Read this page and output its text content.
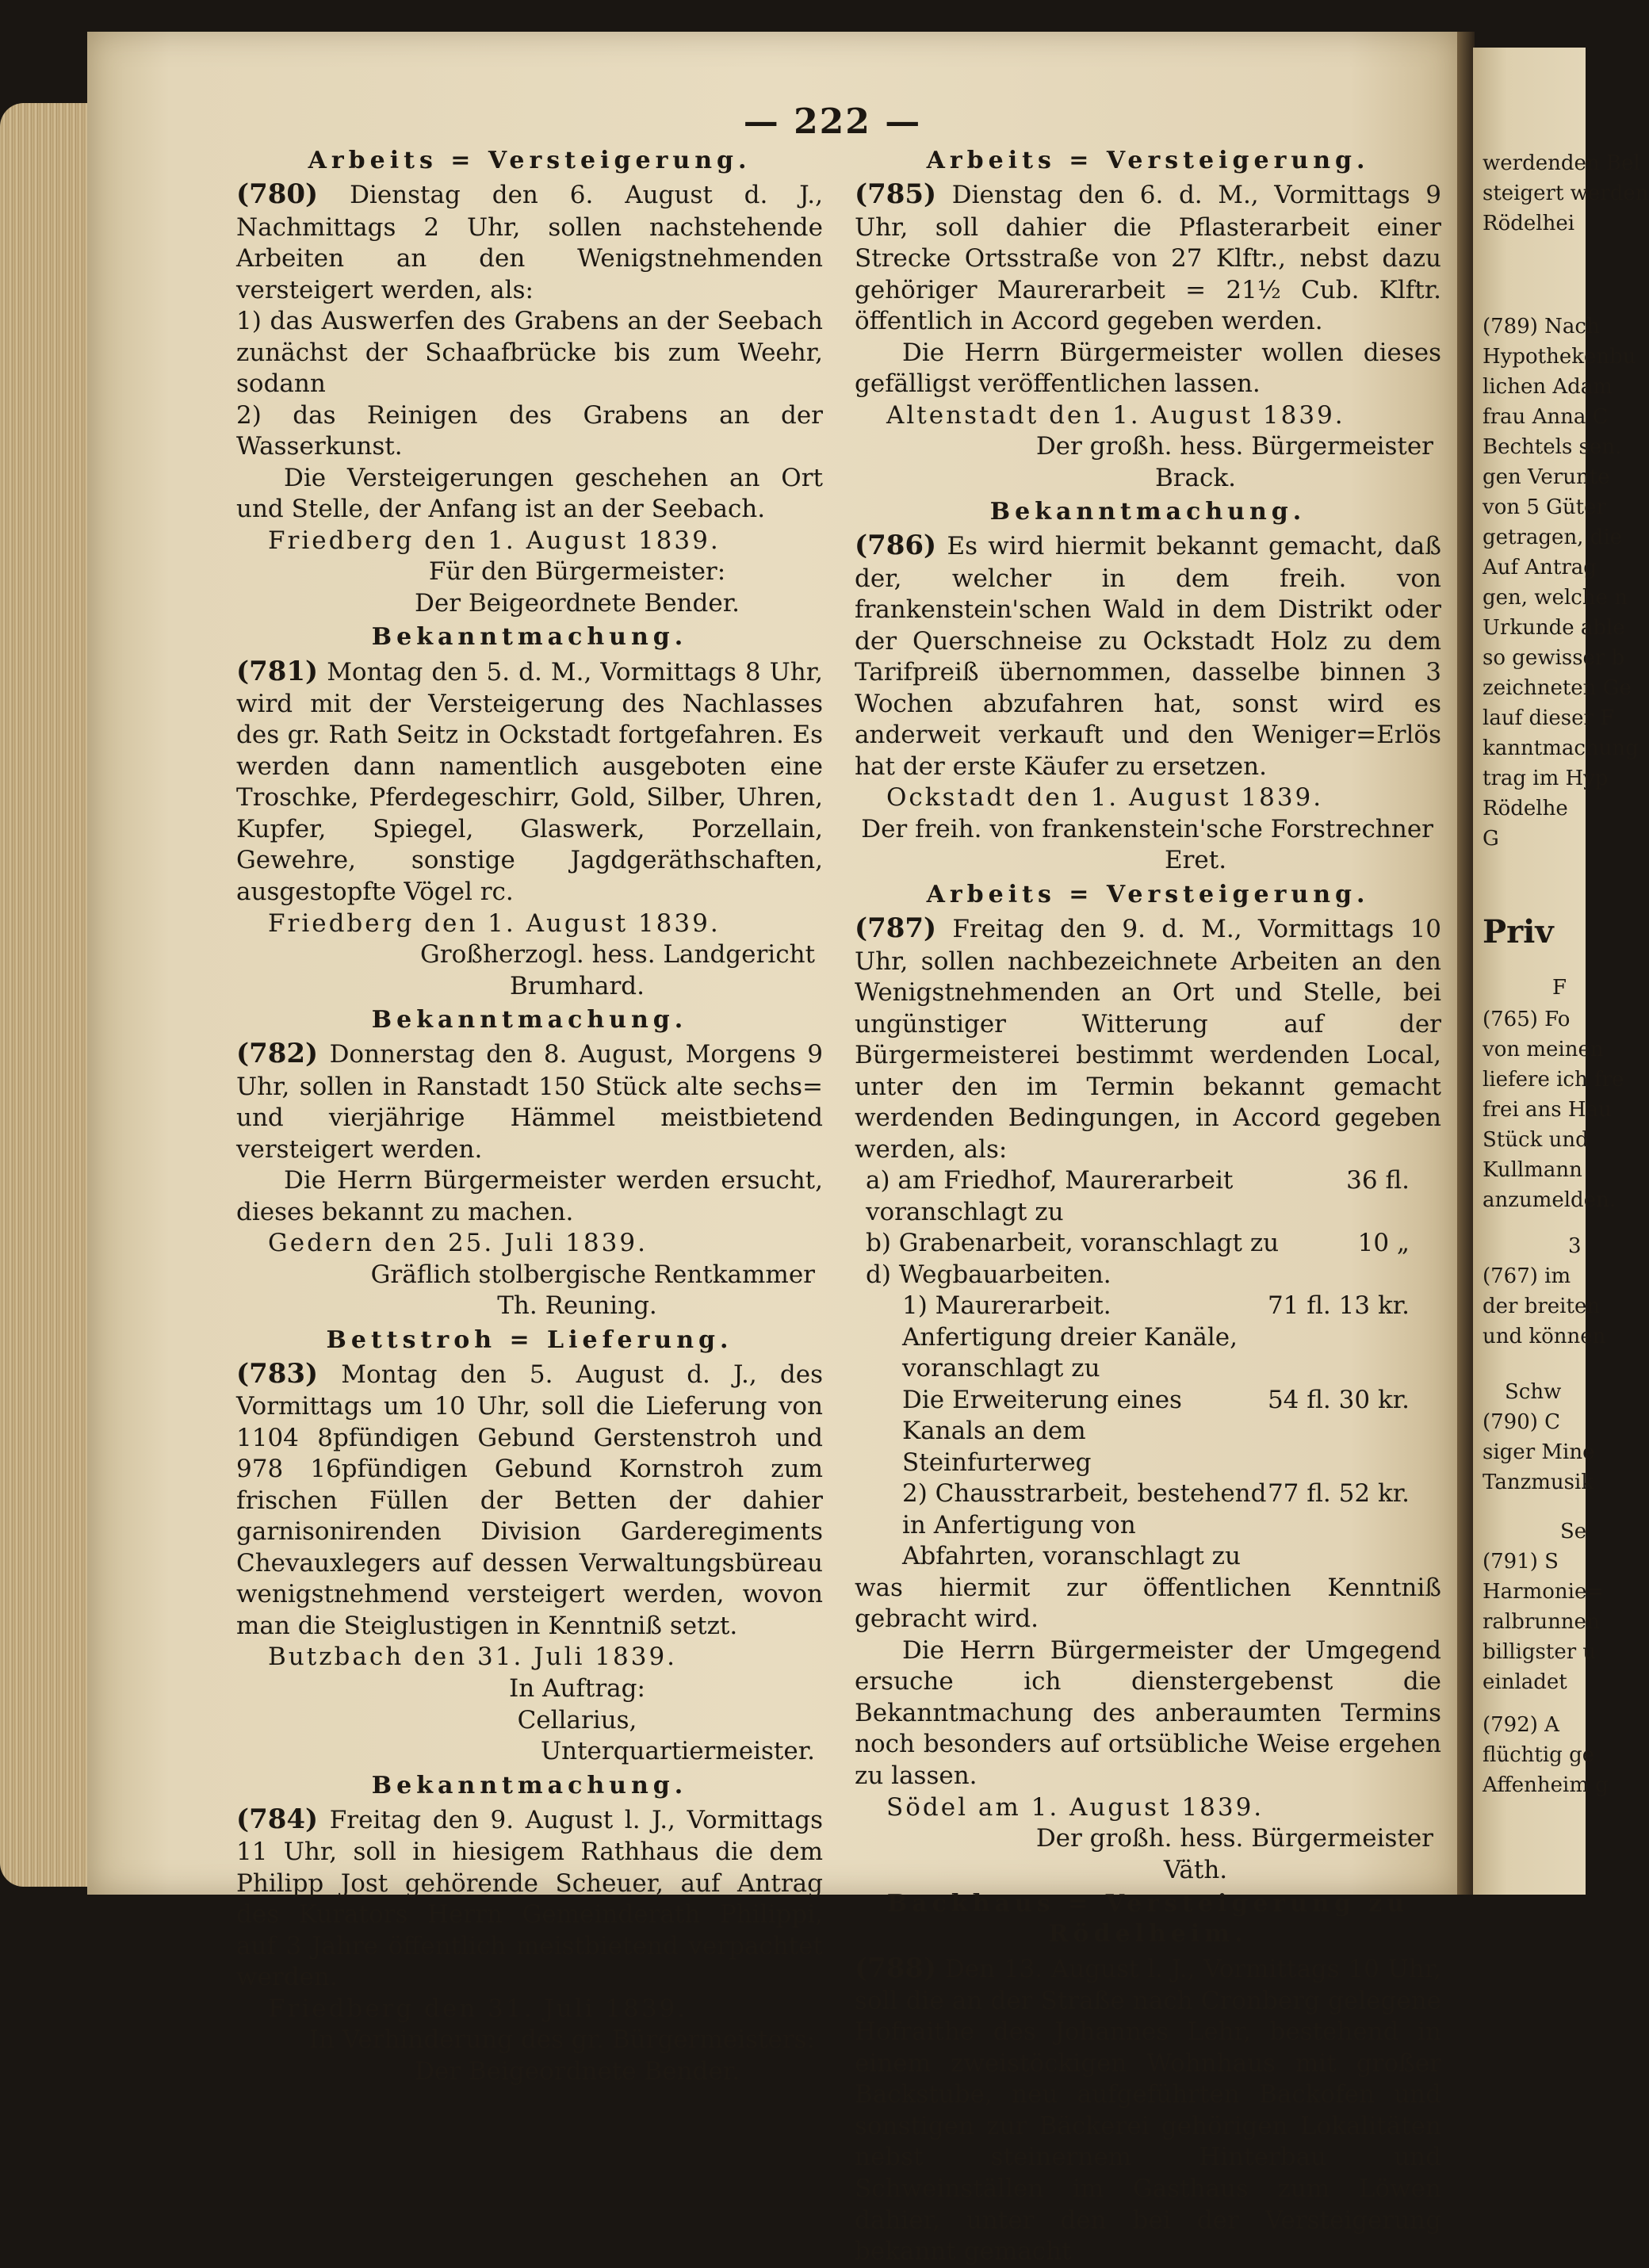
— 222 —
Arbeits = Versteigerung.

(780) Dienstag den 6. August d. J., Nachmittags 2 Uhr, sollen nachstehende Arbeiten an den Wenigstnehmenden versteigert werden, als:

1) das Auswerfen des Grabens an der Seebach zunächst der Schaafbrücke bis zum Weehr, sodann

2) das Reinigen des Grabens an der Wasserkunst.

Die Versteigerungen geschehen an Ort und Stelle, der Anfang ist an der Seebach.

Friedberg den 1. August 1839.

Für den Bürgermeister:

Der Beigeordnete Bender.

Bekanntmachung.

(781) Montag den 5. d. M., Vormittags 8 Uhr, wird mit der Versteigerung des Nachlasses des gr. Rath Seitz in Ockstadt fortgefahren. Es werden dann namentlich ausgeboten eine Troschke, Pferdegeschirr, Gold, Silber, Uhren, Kupfer, Spiegel, Glaswerk, Porzellain, Gewehre, sonstige Jagdgeräthschaften, ausgestopfte Vögel rc.

Friedberg den 1. August 1839.

Großherzogl. hess. Landgericht

Brumhard.

Bekanntmachung.

(782) Donnerstag den 8. August, Morgens 9 Uhr, sollen in Ranstadt 150 Stück alte sechs= und vierjährige Hämmel meistbietend versteigert werden.

Die Herrn Bürgermeister werden ersucht, dieses bekannt zu machen.

Gedern den 25. Juli 1839.

Gräflich stolbergische Rentkammer

Th. Reuning.

Bettstroh = Lieferung.

(783) Montag den 5. August d. J., des Vormittags um 10 Uhr, soll die Lieferung von 1104 8pfündigen Gebund Gerstenstroh und 978 16pfündigen Gebund Kornstroh zum frischen Füllen der Betten der dahier garnisonirenden Division Garderegiments Chevauxlegers auf dessen Verwaltungsbüreau wenigstnehmend versteigert werden, wovon man die Steiglustigen in Kenntniß setzt.

Butzbach den 31. Juli 1839.

In Auftrag:

Cellarius,

Unterquartiermeister.

Bekanntmachung.

(784) Freitag den 9. August l. J., Vormittags 11 Uhr, soll in hiesigem Rathhaus die dem Philipp Jost gehörende Scheuer, auf Antrag des Kurators Herrn Gemeinderath Philippi, auf 3 Jahre öffentlich meistbietend verpachtet werden.

Friedberg den 31. Juli 1839.

In Verhinderung des gr. Bürgermeisters:

Der Beigeordnete Bender.

Arbeits = Versteigerung.

(785) Dienstag den 6. d. M., Vormittags 9 Uhr, soll dahier die Pflasterarbeit einer Strecke Ortsstraße von 27 Klftr., nebst dazu gehöriger Maurerarbeit = 21½ Cub. Klftr. öffentlich in Accord gegeben werden.

Die Herrn Bürgermeister wollen dieses gefälligst veröffentlichen lassen.

Altenstadt den 1. August 1839.

Der großh. hess. Bürgermeister

Brack.

Bekanntmachung.

(786) Es wird hiermit bekannt gemacht, daß der, welcher in dem freih. von frankenstein'schen Wald in dem Distrikt oder der Querschneise zu Ockstadt Holz zu dem Tarifpreiß übernommen, dasselbe binnen 3 Wochen abzufahren hat, sonst wird es anderweit verkauft und den Weniger=Erlös hat der erste Käufer zu ersetzen.

Ockstadt den 1. August 1839.

Der freih. von frankenstein'sche Forstrechner

Eret.

Arbeits = Versteigerung.

(787) Freitag den 9. d. M., Vormittags 10 Uhr, sollen nachbezeichnete Arbeiten an den Wenigstnehmenden an Ort und Stelle, bei ungünstiger Witterung auf der Bürgermeisterei bestimmt werdenden Local, unter den im Termin bekannt gemacht werdenden Bedingungen, in Accord gegeben werden, als:

a) am Friedhof, Maurerarbeit voranschlagt zu
36 fl.
b) Grabenarbeit, voranschlagt zu	10 „
d) Wegbauarbeiten.
1) Maurerarbeit. Anfertigung dreier Kanäle, voranschlagt zu
71 fl. 13 kr.
Die Erweiterung eines Kanals an dem Steinfurterweg
54 fl. 30 kr.
2) Chausstrarbeit, bestehend in Anfertigung von Abfahrten, voranschlagt zu
77 fl. 52 kr.

was hiermit zur öffentlichen Kenntniß gebracht wird.

Die Herrn Bürgermeister der Umgegend ersuche ich dienstergebenst die Bekanntmachung des anberaumten Termins noch besonders auf ortsübliche Weise ergehen zu lassen.

Södel am 1. August 1839.

Der großh. hess. Bürgermeister

Väth.

Backhaus = Versteigerung zu Rödelheim.

(788) Den 13. August l. J., Vormittags 10 Uhr, soll die an der Straße nach Cronberg gelegene Hofraithe des Johannes Lehr, bestehend in einem zweistöckigen Wohnhaus mit großer Backstube, neu aufgeführten Backofen und sonstigen zur Bäckerei gehörigen Lokalitäten nebst steinernem Hinterbau und Schweinställen im Gasthaus zum Löwen dahier, unter den bei der Versteigerung bekannt gemacht

werdenden Bel
steigert werden
Rödelhei
(789) Nach
Hypothekenbu
lichen Adam
frau Anna C
Bechtels sen.
gen Verunte
von 5 Güter
getragen, die
Auf Antrag
gen, welche n
Urkunde able
so gewisser b
zeichneten Ge
lauf dieser F
kanntmachung
trag im Hyp
Rödelhe
G
Priv
F
(765) Fo
von meinen
liefere ich fre
frei ans Hau
Stück und
Kullmann
anzumelden.
3
(767) im
der breiten
und können
Schw
(790) C
siger Mine
Tanzmusik
Se
(791) S
Harmonie=
ralbrunnen
billigster u
einladet
(792) A
flüchtig ge
Affenheim g
